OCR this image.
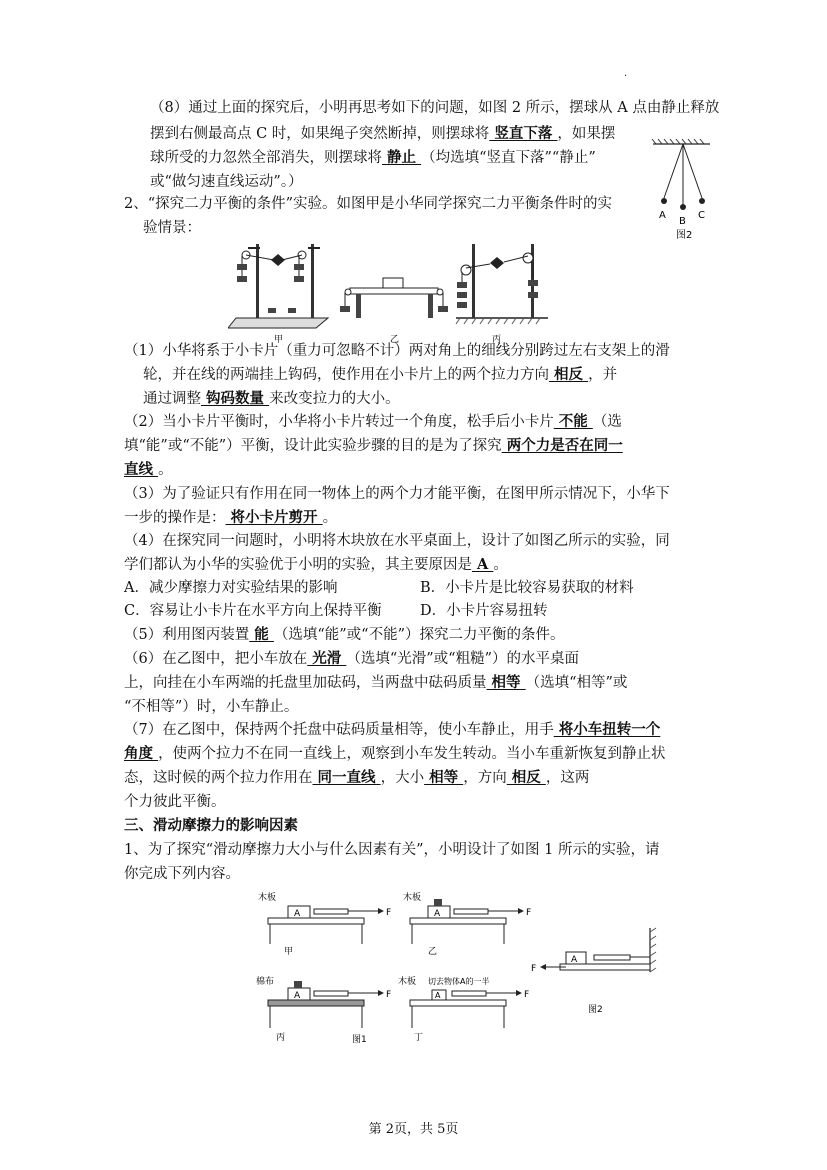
.
（8）通过上面的探究后，小明再思考如下的问题，如图 2 所示，摆球从 A 点由静止释放
摆到右侧最高点 C 时，如果绳子突然断掉，则摆球将 竖直下落 ，如果摆
球所受的力忽然全部消失，则摆球将 静止 （均选填“竖直下落”“静止”
或“做匀速直线运动”。）
A
B
C
图2
2、“探究二力平衡的条件”实验。如图甲是小华同学探究二力平衡条件时的实
验情景：
甲	乙	丙
（1）小华将系于小卡片（重力可忽略不计）两对角上的细线分别跨过左右支架上的滑
轮，并在线的两端挂上钩码，使作用在小卡片上的两个拉力方向 相反 ，并
通过调整 钩码数量 来改变拉力的大小。
（2）当小卡片平衡时，小华将小卡片转过一个角度，松手后小卡片 不能 （选
填“能”或“不能”）平衡，设计此实验步骤的目的是为了探究 两个力是否在同一
直线 。
（3）为了验证只有作用在同一物体上的两个力才能平衡，在图甲所示情况下，小华下
一步的操作是： 将小卡片剪开 。
（4）在探究同一问题时，小明将木块放在水平桌面上，设计了如图乙所示的实验，同
学们都认为小华的实验优于小明的实验，其主要原因是 A 。
A．减少摩擦力对实验结果的影响	B．小卡片是比较容易获取的材料
C．容易让小卡片在水平方向上保持平衡	D．小卡片容易扭转
（5）利用图丙装置 能 （选填“能”或“不能”）探究二力平衡的条件。
（6）在乙图中，把小车放在 光滑 （选填“光滑”或“粗糙”）的水平桌面
上，向挂在小车两端的托盘里加砝码，当两盘中砝码质量 相等 （选填“相等”或
“不相等”）时，小车静止。
（7）在乙图中，保持两个托盘中砝码质量相等，使小车静止，用手 将小车扭转一个
角度 ，使两个拉力不在同一直线上，观察到小车发生转动。当小车重新恢复到静止状
态，这时候的两个拉力作用在 同一直线 ，大小 相等 ，方向 相反 ，这两
个力彼此平衡。
三、滑动摩擦力的影响因素
1、为了探究“滑动摩擦力大小与什么因素有关”，小明设计了如图 1 所示的实验，请
你完成下列内容。
木板
A	F
甲
木板
A	F
乙
棉布
A	F
丙	图1
木板 切去物体A的一半
A	F
丁
A
F
图2
第 2页，共 5页
